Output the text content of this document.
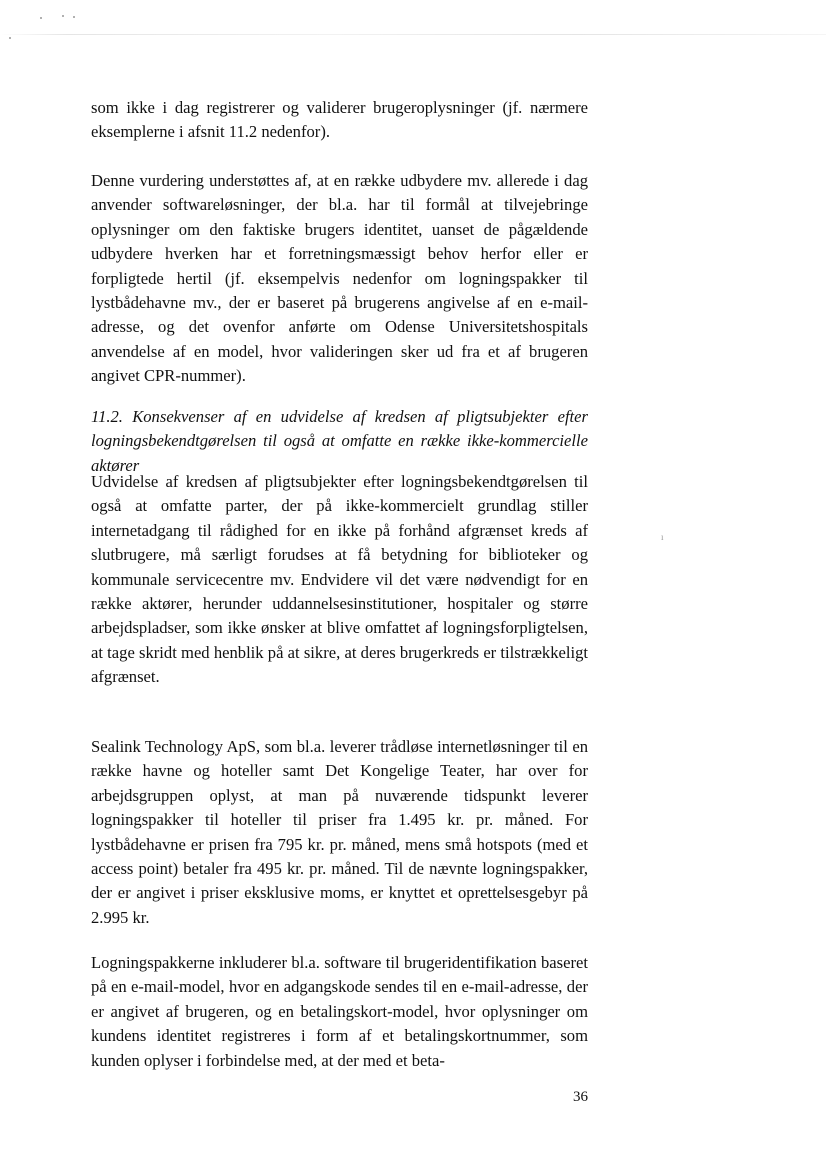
ı

som ikke i dag registrerer og validerer brugeroplysninger (jf. nærmere eksemplerne i afsnit 11.2 nedenfor).

Denne vurdering understøttes af, at en række udbydere mv. allerede i dag anvender softwareløsninger, der bl.a. har til formål at tilvejebringe oplysninger om den faktiske brugers identitet, uanset de pågældende udbydere hverken har et forretningsmæssigt behov herfor eller er forpligtede hertil (jf. eksempelvis nedenfor om logningspakker til lystbådehavne mv., der er baseret på brugerens angivelse af en e-mail-adresse, og det ovenfor anførte om Odense Universitetshospitals anvendelse af en model, hvor valideringen sker ud fra et af brugeren angivet CPR-nummer).

11.2. Konsekvenser af en udvidelse af kredsen af pligtsubjekter efter logningsbekendtgørelsen til også at omfatte en række ikke-kommercielle aktører

Udvidelse af kredsen af pligtsubjekter efter logningsbekendtgørelsen til også at omfatte parter, der på ikke-kommercielt grundlag stiller internetadgang til rådighed for en ikke på forhånd afgrænset kreds af slutbrugere, må særligt forudses at få betydning for biblioteker og kommunale servicecentre mv. Endvidere vil det være nødvendigt for en række aktører, herunder uddannelsesinstitutioner, hospitaler og større arbejdspladser, som ikke ønsker at blive omfattet af logningsforpligtelsen, at tage skridt med henblik på at sikre, at deres brugerkreds er tilstrækkeligt afgrænset.

Sealink Technology ApS, som bl.a. leverer trådløse internetløsninger til en række havne og hoteller samt Det Kongelige Teater, har over for arbejdsgruppen oplyst, at man på nuværende tidspunkt leverer logningspakker til hoteller til priser fra 1.495 kr. pr. måned. For lystbådehavne er prisen fra 795 kr. pr. måned, mens små hotspots (med et access point) betaler fra 495 kr. pr. måned. Til de nævnte logningspakker, der er angivet i priser eksklusive moms, er knyttet et oprettelsesgebyr på 2.995 kr.

Logningspakkerne inkluderer bl.a. software til brugeridentifikation baseret på en e-mail-model, hvor en adgangskode sendes til en e-mail-adresse, der er angivet af brugeren, og en betalingskort-model, hvor oplysninger om kundens identitet registreres i form af et betalingskortnummer, som kunden oplyser i forbindelse med, at der med et beta-

36
